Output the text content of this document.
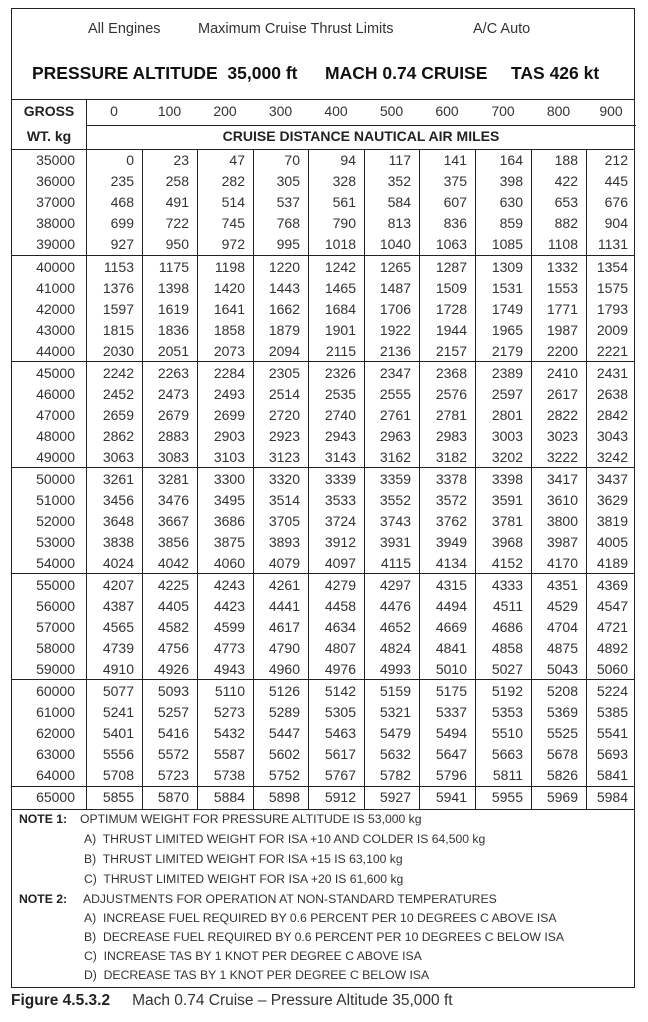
All Engines	Maximum Cruise Thrust Limits	A/C Auto
PRESSURE ALTITUDE  35,000 ft MACH 0.74 CRUISE TAS 426 kt
GROSS
WT. kg	CRUISE DISTANCE NAUTICAL AIR MILES
0	100	200	300	400	500	600	700	800	900
35000	0	23	47	70	94	117	141	164	188	212
36000	235	258	282	305	328	352	375	398	422	445
37000	468	491	514	537	561	584	607	630	653	676
38000	699	722	745	768	790	813	836	859	882	904
39000	927	950	972	995	1018	1040	1063	1085	1108	1131
40000	1153	1175	1198	1220	1242	1265	1287	1309	1332	1354
41000	1376	1398	1420	1443	1465	1487	1509	1531	1553	1575
42000	1597	1619	1641	1662	1684	1706	1728	1749	1771	1793
43000	1815	1836	1858	1879	1901	1922	1944	1965	1987	2009
44000	2030	2051	2073	2094	2115	2136	2157	2179	2200	2221
45000	2242	2263	2284	2305	2326	2347	2368	2389	2410	2431
46000	2452	2473	2493	2514	2535	2555	2576	2597	2617	2638
47000	2659	2679	2699	2720	2740	2761	2781	2801	2822	2842
48000	2862	2883	2903	2923	2943	2963	2983	3003	3023	3043
49000	3063	3083	3103	3123	3143	3162	3182	3202	3222	3242
50000	3261	3281	3300	3320	3339	3359	3378	3398	3417	3437
51000	3456	3476	3495	3514	3533	3552	3572	3591	3610	3629
52000	3648	3667	3686	3705	3724	3743	3762	3781	3800	3819
53000	3838	3856	3875	3893	3912	3931	3949	3968	3987	4005
54000	4024	4042	4060	4079	4097	4115	4134	4152	4170	4189
55000	4207	4225	4243	4261	4279	4297	4315	4333	4351	4369
56000	4387	4405	4423	4441	4458	4476	4494	4511	4529	4547
57000	4565	4582	4599	4617	4634	4652	4669	4686	4704	4721
58000	4739	4756	4773	4790	4807	4824	4841	4858	4875	4892
59000	4910	4926	4943	4960	4976	4993	5010	5027	5043	5060
60000	5077	5093	5110	5126	5142	5159	5175	5192	5208	5224
61000	5241	5257	5273	5289	5305	5321	5337	5353	5369	5385
62000	5401	5416	5432	5447	5463	5479	5494	5510	5525	5541
63000	5556	5572	5587	5602	5617	5632	5647	5663	5678	5693
64000	5708	5723	5738	5752	5767	5782	5796	5811	5826	5841
65000	5855	5870	5884	5898	5912	5927	5941	5955	5969	5984
NOTE 1: OPTIMUM WEIGHT FOR PRESSURE ALTITUDE IS 53,000 kg
A)  THRUST LIMITED WEIGHT FOR ISA +10 AND COLDER IS 64,500 kg
B)  THRUST LIMITED WEIGHT FOR ISA +15 IS 63,100 kg
C)  THRUST LIMITED WEIGHT FOR ISA +20 IS 61,600 kg
NOTE 2: ADJUSTMENTS FOR OPERATION AT NON-STANDARD TEMPERATURES
A)  INCREASE FUEL REQUIRED BY 0.6 PERCENT PER 10 DEGREES C ABOVE ISA
B)  DECREASE FUEL REQUIRED BY 0.6 PERCENT PER 10 DEGREES C BELOW ISA
C)  INCREASE TAS BY 1 KNOT PER DEGREE C ABOVE ISA
D)  DECREASE TAS BY 1 KNOT PER DEGREE C BELOW ISA
Figure 4.5.3.2 Mach 0.74 Cruise – Pressure Altitude 35,000 ft
